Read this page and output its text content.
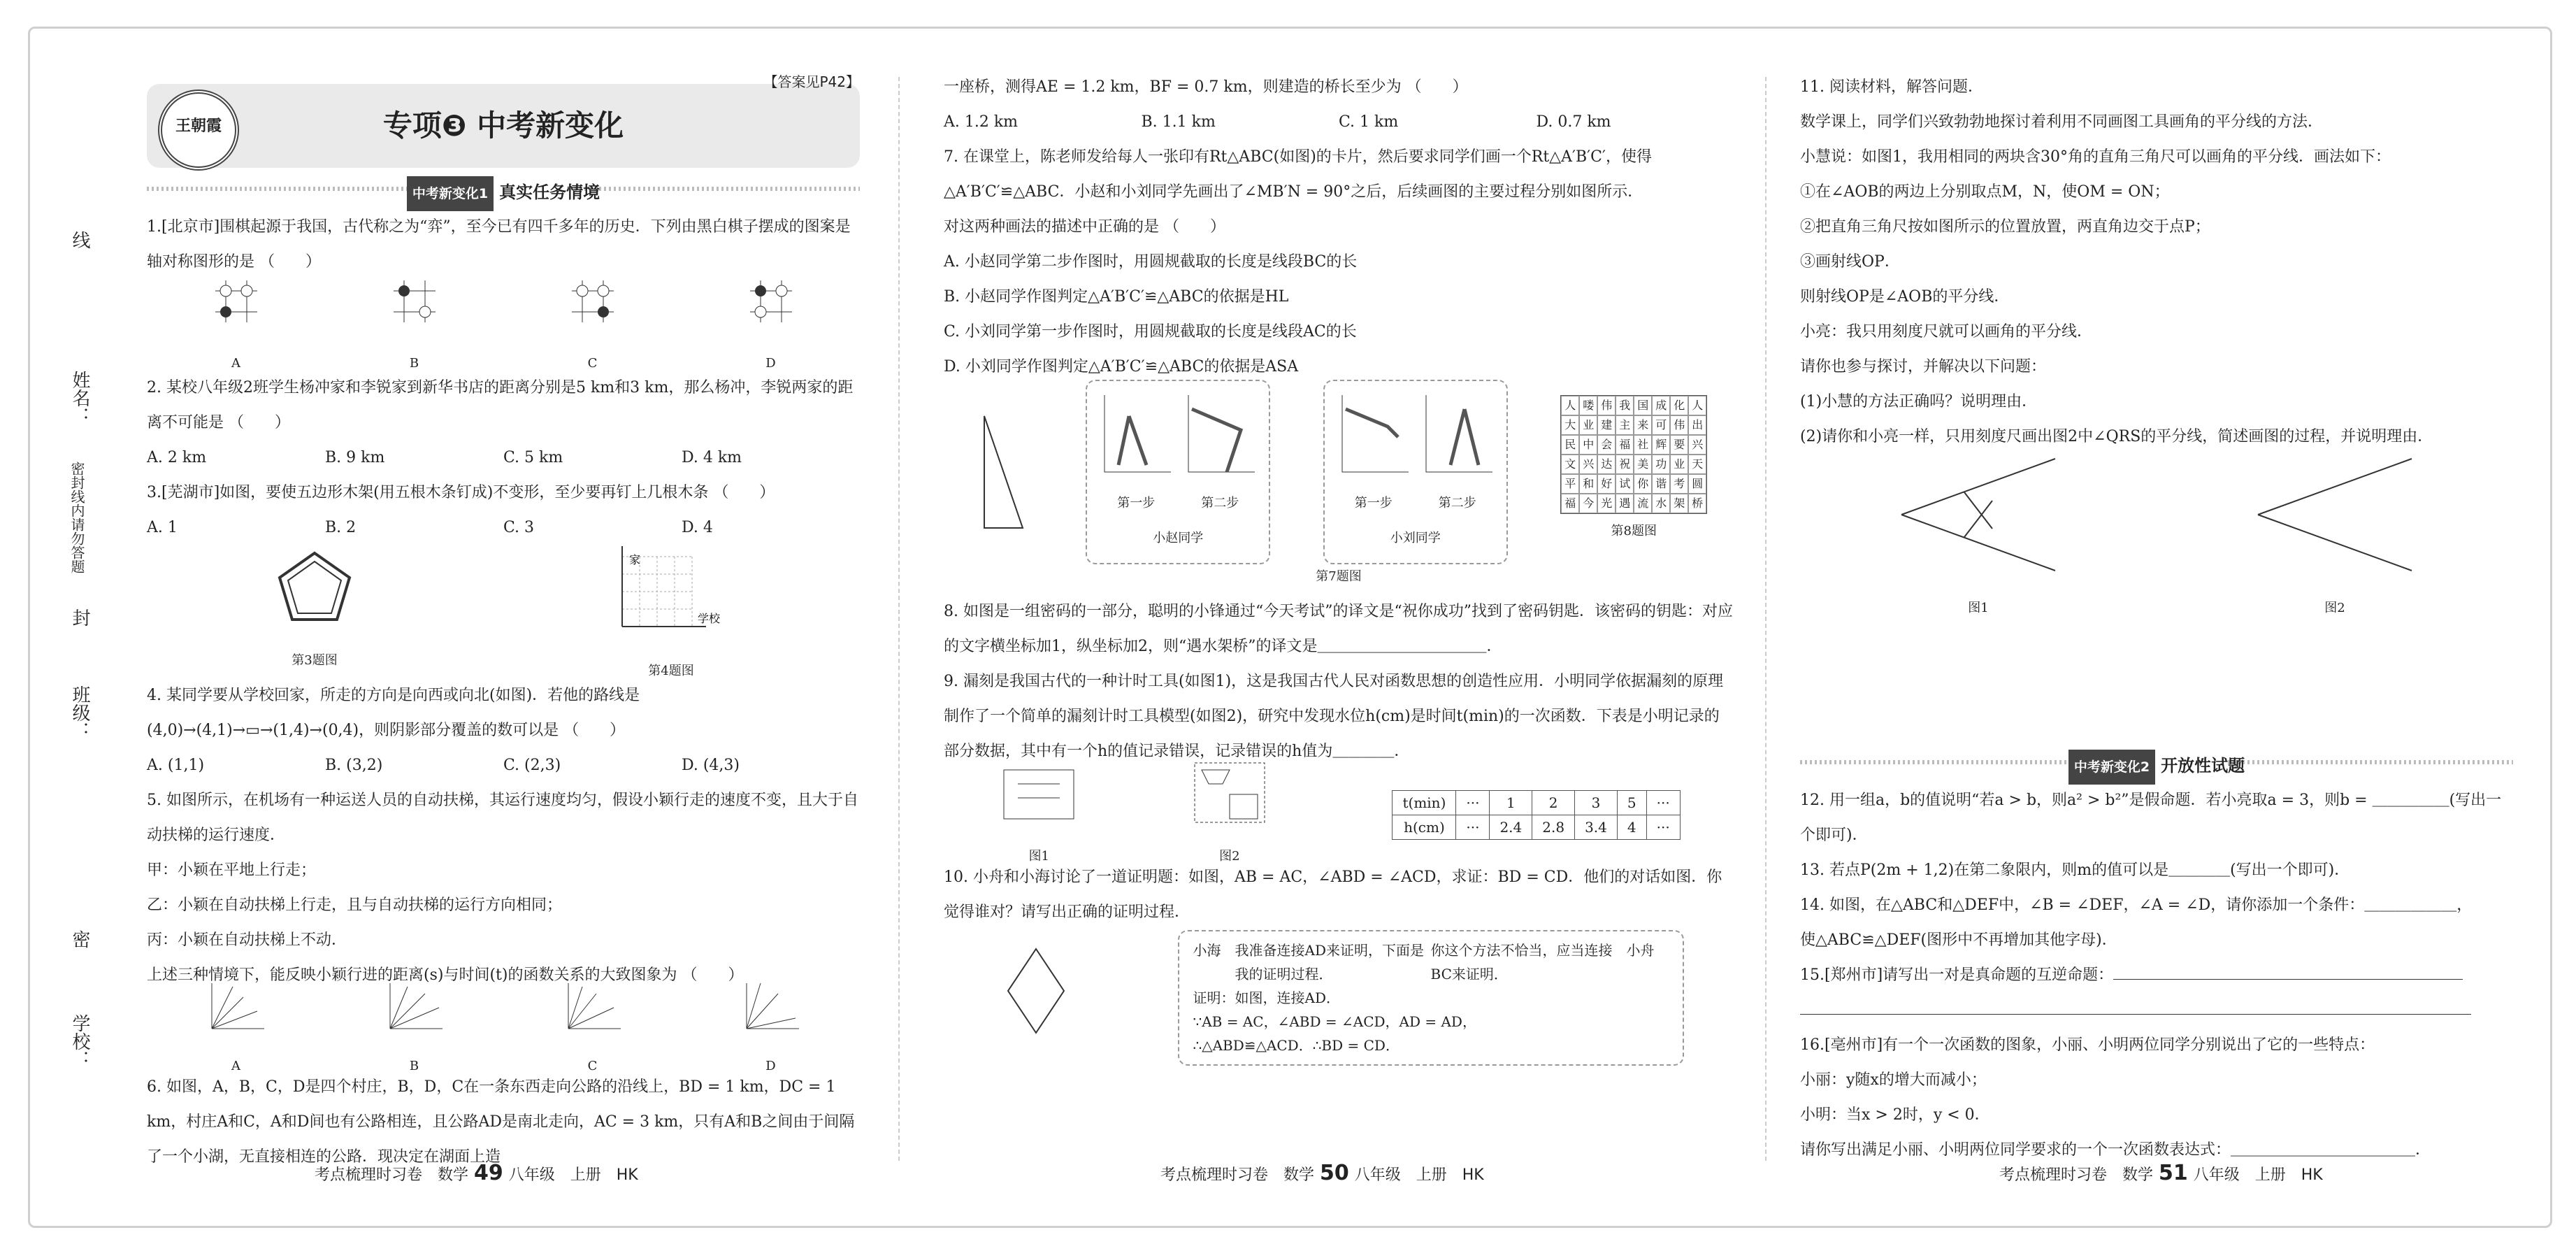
线
姓名：
密封线内请勿答题
封
班级：
密
学校：
【答案见P42】
王朝霞	专项❸ 中考新变化
中考新变化1 真实任务情境
1.[北京市]围棋起源于我国，古代称之为“弈”，至今已有四千多年的历史．下列由黑白棋子摆成的图案是轴对称图形的是 （　　）
A	B	C	D
2. 某校八年级2班学生杨冲家和李锐家到新华书店的距离分别是5 km和3 km，那么杨冲，李锐两家的距离不可能是 （　　）
A. 2 km	B. 9 km	C. 5 km	D. 4 km
3.[芜湖市]如图，要使五边形木架(用五根木条钉成)不变形，至少要再钉上几根木条 （　　）
A. 1	B. 2	C. 3	D. 4
第3题图
家
学校
第4题图
4. 某同学要从学校回家，所走的方向是向西或向北(如图)．若他的路线是(4,0)→(4,1)→▭→(1,4)→(0,4)，则阴影部分覆盖的数可以是 （　　）
A. (1,1)	B. (3,2)	C. (2,3)	D. (4,3)
5. 如图所示，在机场有一种运送人员的自动扶梯，其运行速度均匀，假设小颖行走的速度不变，且大于自动扶梯的运行速度．
甲：小颖在平地上行走；
乙：小颖在自动扶梯上行走，且与自动扶梯的运行方向相同；
丙：小颖在自动扶梯上不动．
上述三种情境下，能反映小颖行进的距离(s)与时间(t)的函数关系的大致图象为 （　　）
A	B	C	D
6. 如图，A，B，C，D是四个村庄，B，D，C在一条东西走向公路的沿线上，BD = 1 km，DC = 1 km，村庄A和C，A和D间也有公路相连，且公路AD是南北走向，AC = 3 km，只有A和B之间由于间隔了一个小湖，无直接相连的公路．现决定在湖面上造
一座桥，测得AE = 1.2 km，BF = 0.7 km，则建造的桥长至少为 （　　）
A. 1.2 km	B. 1.1 km	C. 1 km	D. 0.7 km
7. 在课堂上，陈老师发给每人一张印有Rt△ABC(如图)的卡片，然后要求同学们画一个Rt△A′B′C′，使得△A′B′C′≌△ABC．小赵和小刘同学先画出了∠MB′N = 90°之后，后续画图的主要过程分别如图所示．
对这两种画法的描述中正确的是 （　　）
A. 小赵同学第二步作图时，用圆规截取的长度是线段BC的长
B. 小赵同学作图判定△A′B′C′≌△ABC的依据是HL
C. 小刘同学第一步作图时，用圆规截取的长度是线段AC的长
D. 小刘同学作图判定△A′B′C′≌△ABC的依据是ASA
第一步	第二步
小赵同学
第一步	第二步
小刘同学
人 喽 伟 我 国 成 化 人
大 业 建 主 来 可 伟 出
民 中 会 福 社 辉 要 兴
文 兴 达 祝 美 功 业 天
平 和 好 试 你 谐 考 圆
福 今 光 遇 流 水 架 桥
第8题图
第7题图
8. 如图是一组密码的一部分，聪明的小锋通过“今天考试”的译文是“祝你成功”找到了密码钥匙．该密码的钥匙：对应的文字横坐标加1，纵坐标加2，则“遇水架桥”的译文是＿＿＿＿＿＿＿＿＿＿＿．
9. 漏刻是我国古代的一种计时工具(如图1)，这是我国古代人民对函数思想的创造性应用．小明同学依据漏刻的原理制作了一个简单的漏刻计时工具模型(如图2)，研究中发现水位h(cm)是时间t(min)的一次函数．下表是小明记录的部分数据，其中有一个h的值记录错误，记录错误的h值为＿＿＿＿．
图1	图2
t(min)	···	1	2	3	5	···
h(cm)	···	2.4	2.8	3.4	4	···
10. 小舟和小海讨论了一道证明题：如图，AB = AC，∠ABD = ∠ACD，求证：BD = CD．他们的对话如图．你觉得谁对？请写出正确的证明过程．
小海	我准备连接AD来证明，下面是我的证明过程．
你这个方法不恰当，应当连接BC来证明．
小舟
证明：如图，连接AD．
∵AB = AC，∠ABD = ∠ACD，AD = AD，
∴△ABD≌△ACD．∴BD = CD．
11. 阅读材料，解答问题．
数学课上，同学们兴致勃勃地探讨着利用不同画图工具画角的平分线的方法．
小慧说：如图1，我用相同的两块含30°角的直角三角尺可以画角的平分线．画法如下：
①在∠AOB的两边上分别取点M，N，使OM = ON；
②把直角三角尺按如图所示的位置放置，两直角边交于点P；
③画射线OP．
则射线OP是∠AOB的平分线．
小亮：我只用刻度尺就可以画角的平分线．
请你也参与探讨，并解决以下问题：
(1)小慧的方法正确吗？说明理由．
(2)请你和小亮一样，只用刻度尺画出图2中∠QRS的平分线，简述画图的过程，并说明理由．
图1	图2
中考新变化2 开放性试题
12. 用一组a，b的值说明“若a > b，则a² > b²”是假命题．若小亮取a = 3，则b = ＿＿＿＿＿(写出一个即可)．
13. 若点P(2m + 1,2)在第二象限内，则m的值可以是＿＿＿＿(写出一个即可)．
14. 如图，在△ABC和△DEF中，∠B = ∠DEF，∠A = ∠D，请你添加一个条件：＿＿＿＿＿＿，
使△ABC≌△DEF(图形中不再增加其他字母)．
15.[郑州市]请写出一对是真命题的互逆命题：
16.[亳州市]有一个一次函数的图象，小丽、小明两位同学分别说出了它的一些特点：
小丽：y随x的增大而减小；
小明：当x > 2时，y < 0．
请你写出满足小丽、小明两位同学要求的一个一次函数表达式：＿＿＿＿＿＿＿＿＿＿＿＿．
考点梳理时习卷　数学 49 八年级　上册　HK	考点梳理时习卷　数学 50 八年级　上册　HK	考点梳理时习卷　数学 51 八年级　上册　HK
